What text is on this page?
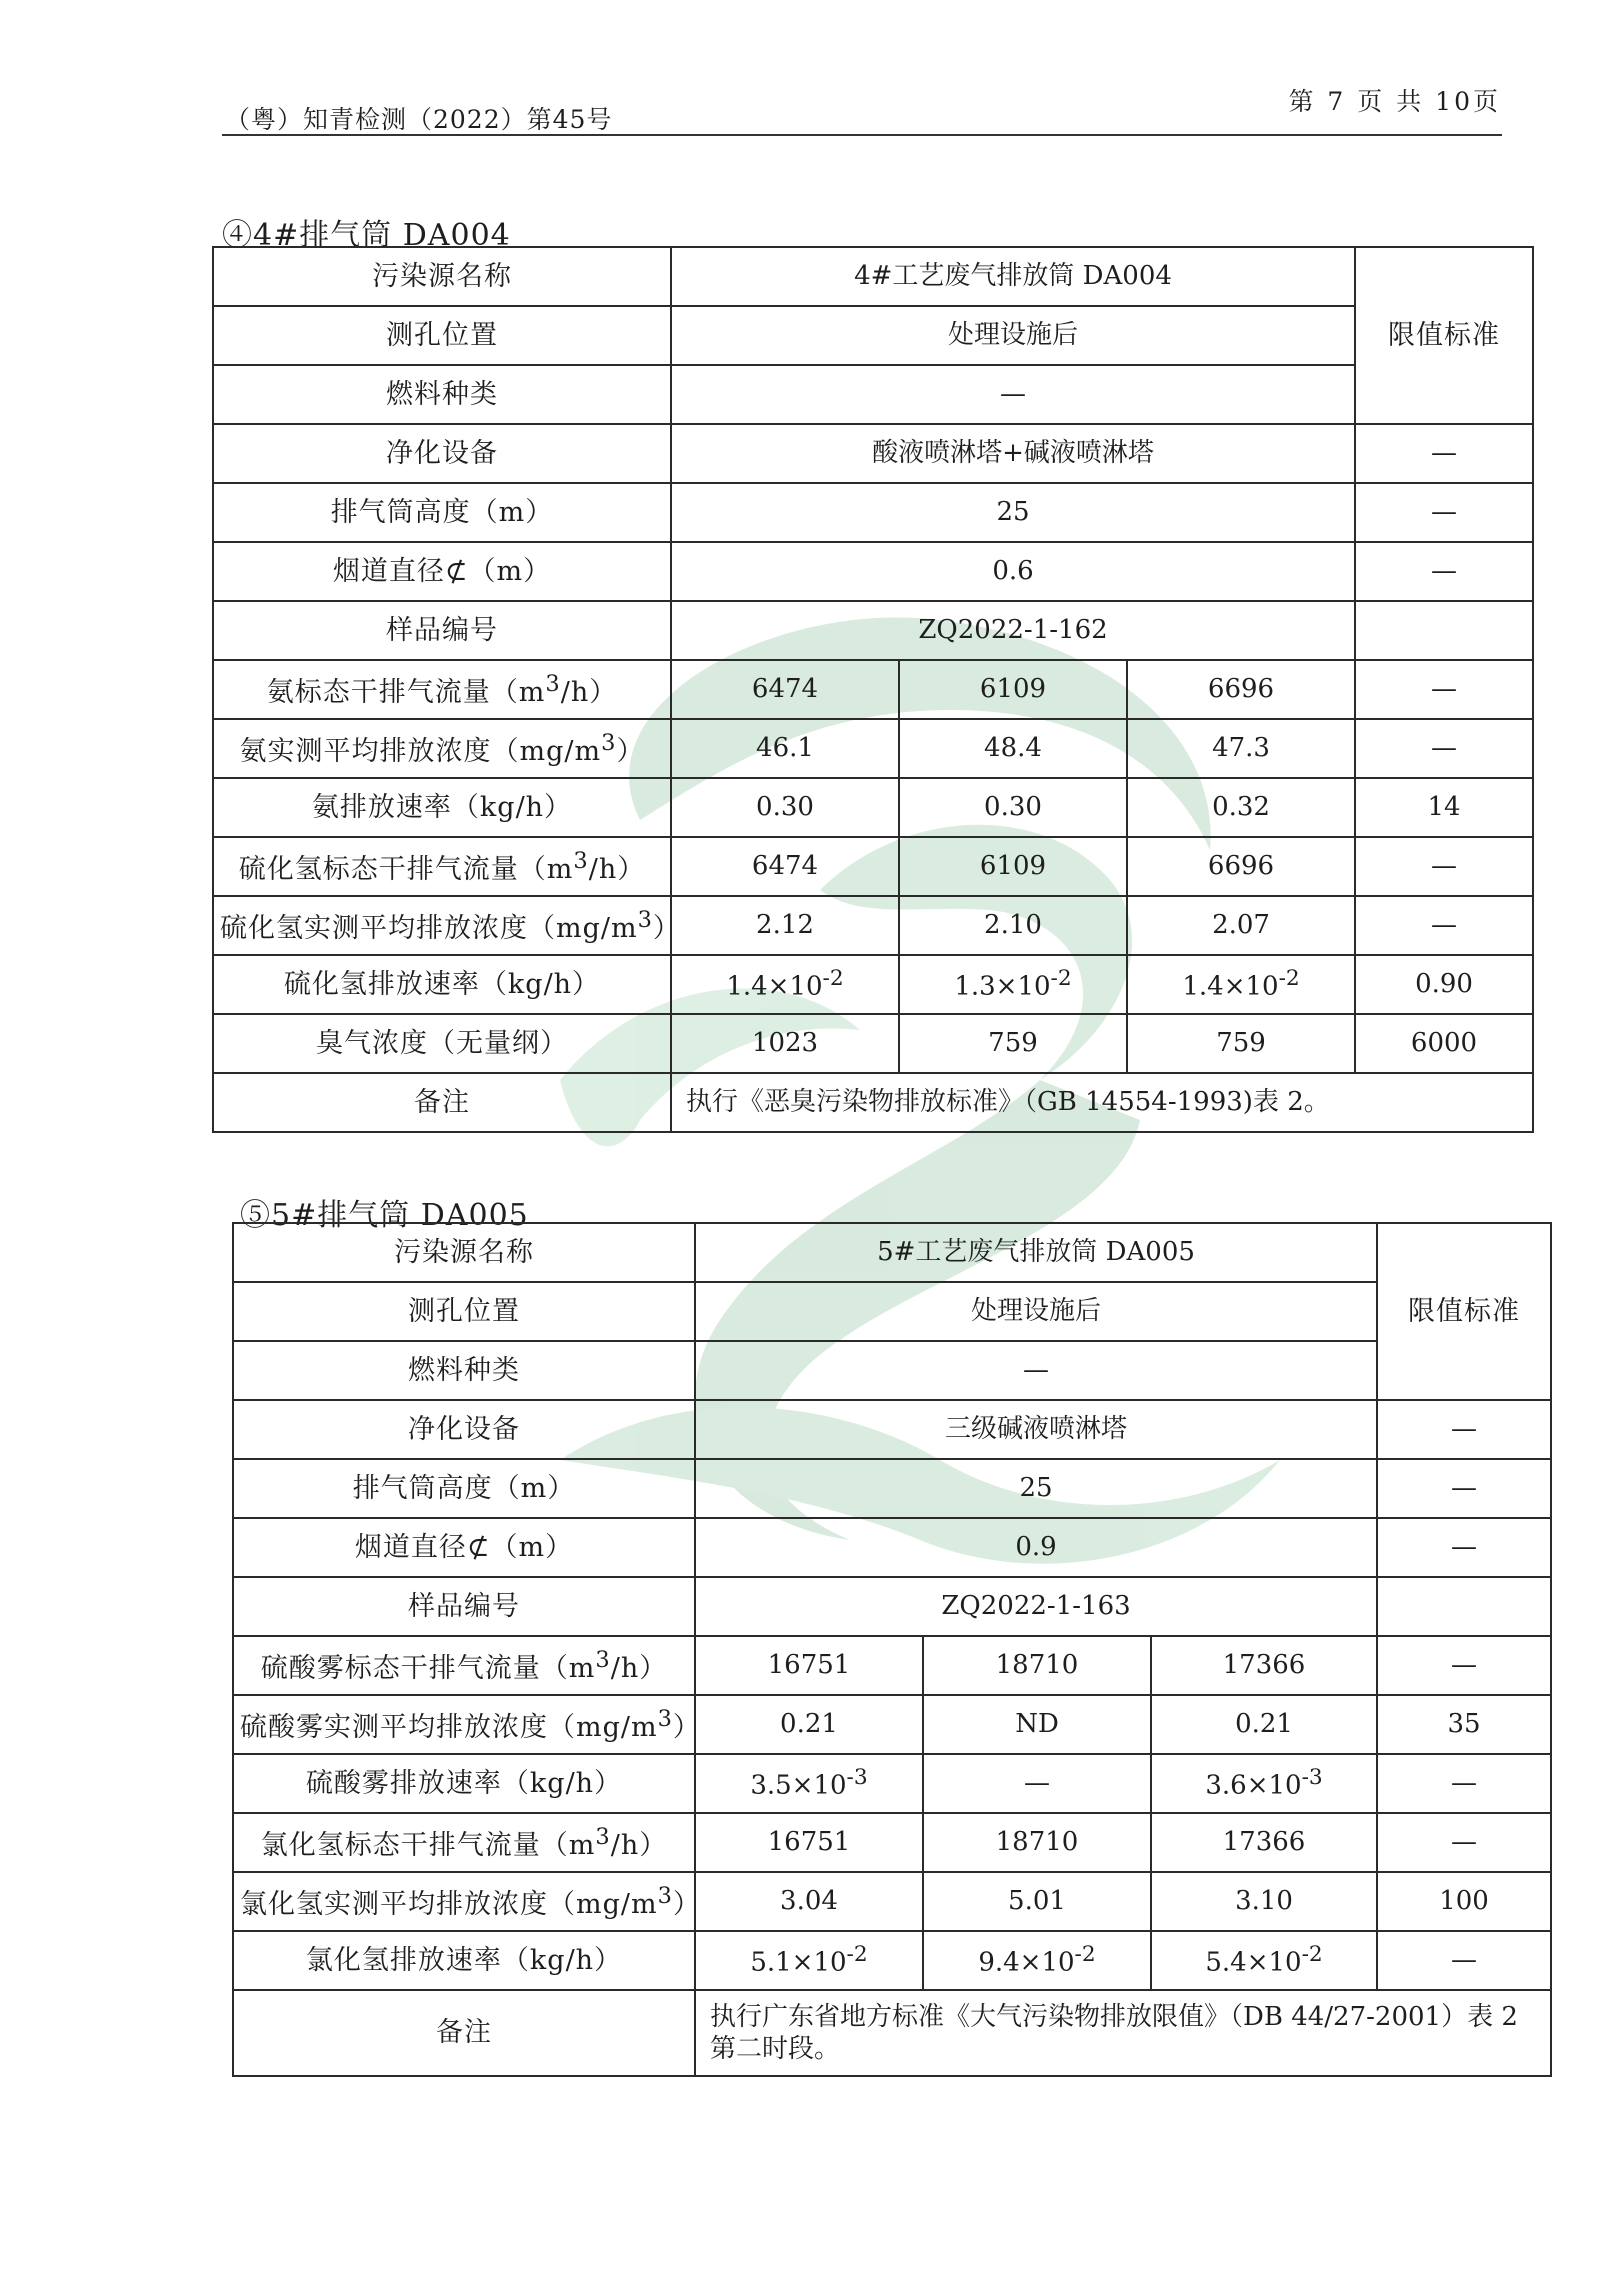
（粤）知青检测（2022）第45号
第 7 页 共 10页
④4#排气筒 DA004
污染源名称	4#工艺废气排放筒 DA004			限值标准
测孔位置	处理设施后			
燃料种类	—			
净化设备	酸液喷淋塔+碱液喷淋塔			—
排气筒高度（m）	25			—
烟道直径⊄（m）	0.6			—
样品编号	ZQ2022-1-162			
氨标态干排气流量$(m^3/h)$	6474	6109	6696	—
氨实测平均排放浓度$(mg/m^3)$	46.1	48.4	47.3	—
氨排放速率（kg/h）	0.30	0.30	0.32	14
硫化氢标态干排气流量$(m^3/h)$	6474	6109	6696	—
硫化氢实测平均排放浓度$(mg/m^3)$	2.12	2.10	2.07	—
硫化氢排放速率（kg/h）	$1.4\times 10^{-2}$	$1.3\times 10^{-2}$	$1.4\times 10^{-2}$	0.90
臭气浓度（无量纲）	1023	759	759	6000
备注	执行《恶臭污染物排放标准》（GB 14554-1993)表 2。			
⑤5#排气筒 DA005
污染源名称	5#工艺废气排放筒 DA005			限值标准
测孔位置	处理设施后			
燃料种类	—			
净化设备	三级碱液喷淋塔			—
排气筒高度（m）	25			—
烟道直径⊄（m）	0.9			—
样品编号	ZQ2022-1-163			
硫酸雾标态干排气流量$(m^3/h)$	16751	18710	17366	—
硫酸雾实测平均排放浓度$(mg/m^3)$	0.21	ND	0.21	35
硫酸雾排放速率（kg/h）	$3.5\times 10^{-3}$	—	$3.6\times 10^{-3}$	—
氯化氢标态干排气流量$(m^3/h)$	16751	18710	17366	—
氯化氢实测平均排放浓度$(mg/m^3)$	3.04	5.01	3.10	100
氯化氢排放速率（kg/h）	$5.1\times 10^{-2}$	$9.4\times 10^{-2}$	$5.4\times 10^{-2}$	—
备注	执行广东省地方标准《大气污染物排放限值》（DB 44/27-2001）表 2 第二时段。			
